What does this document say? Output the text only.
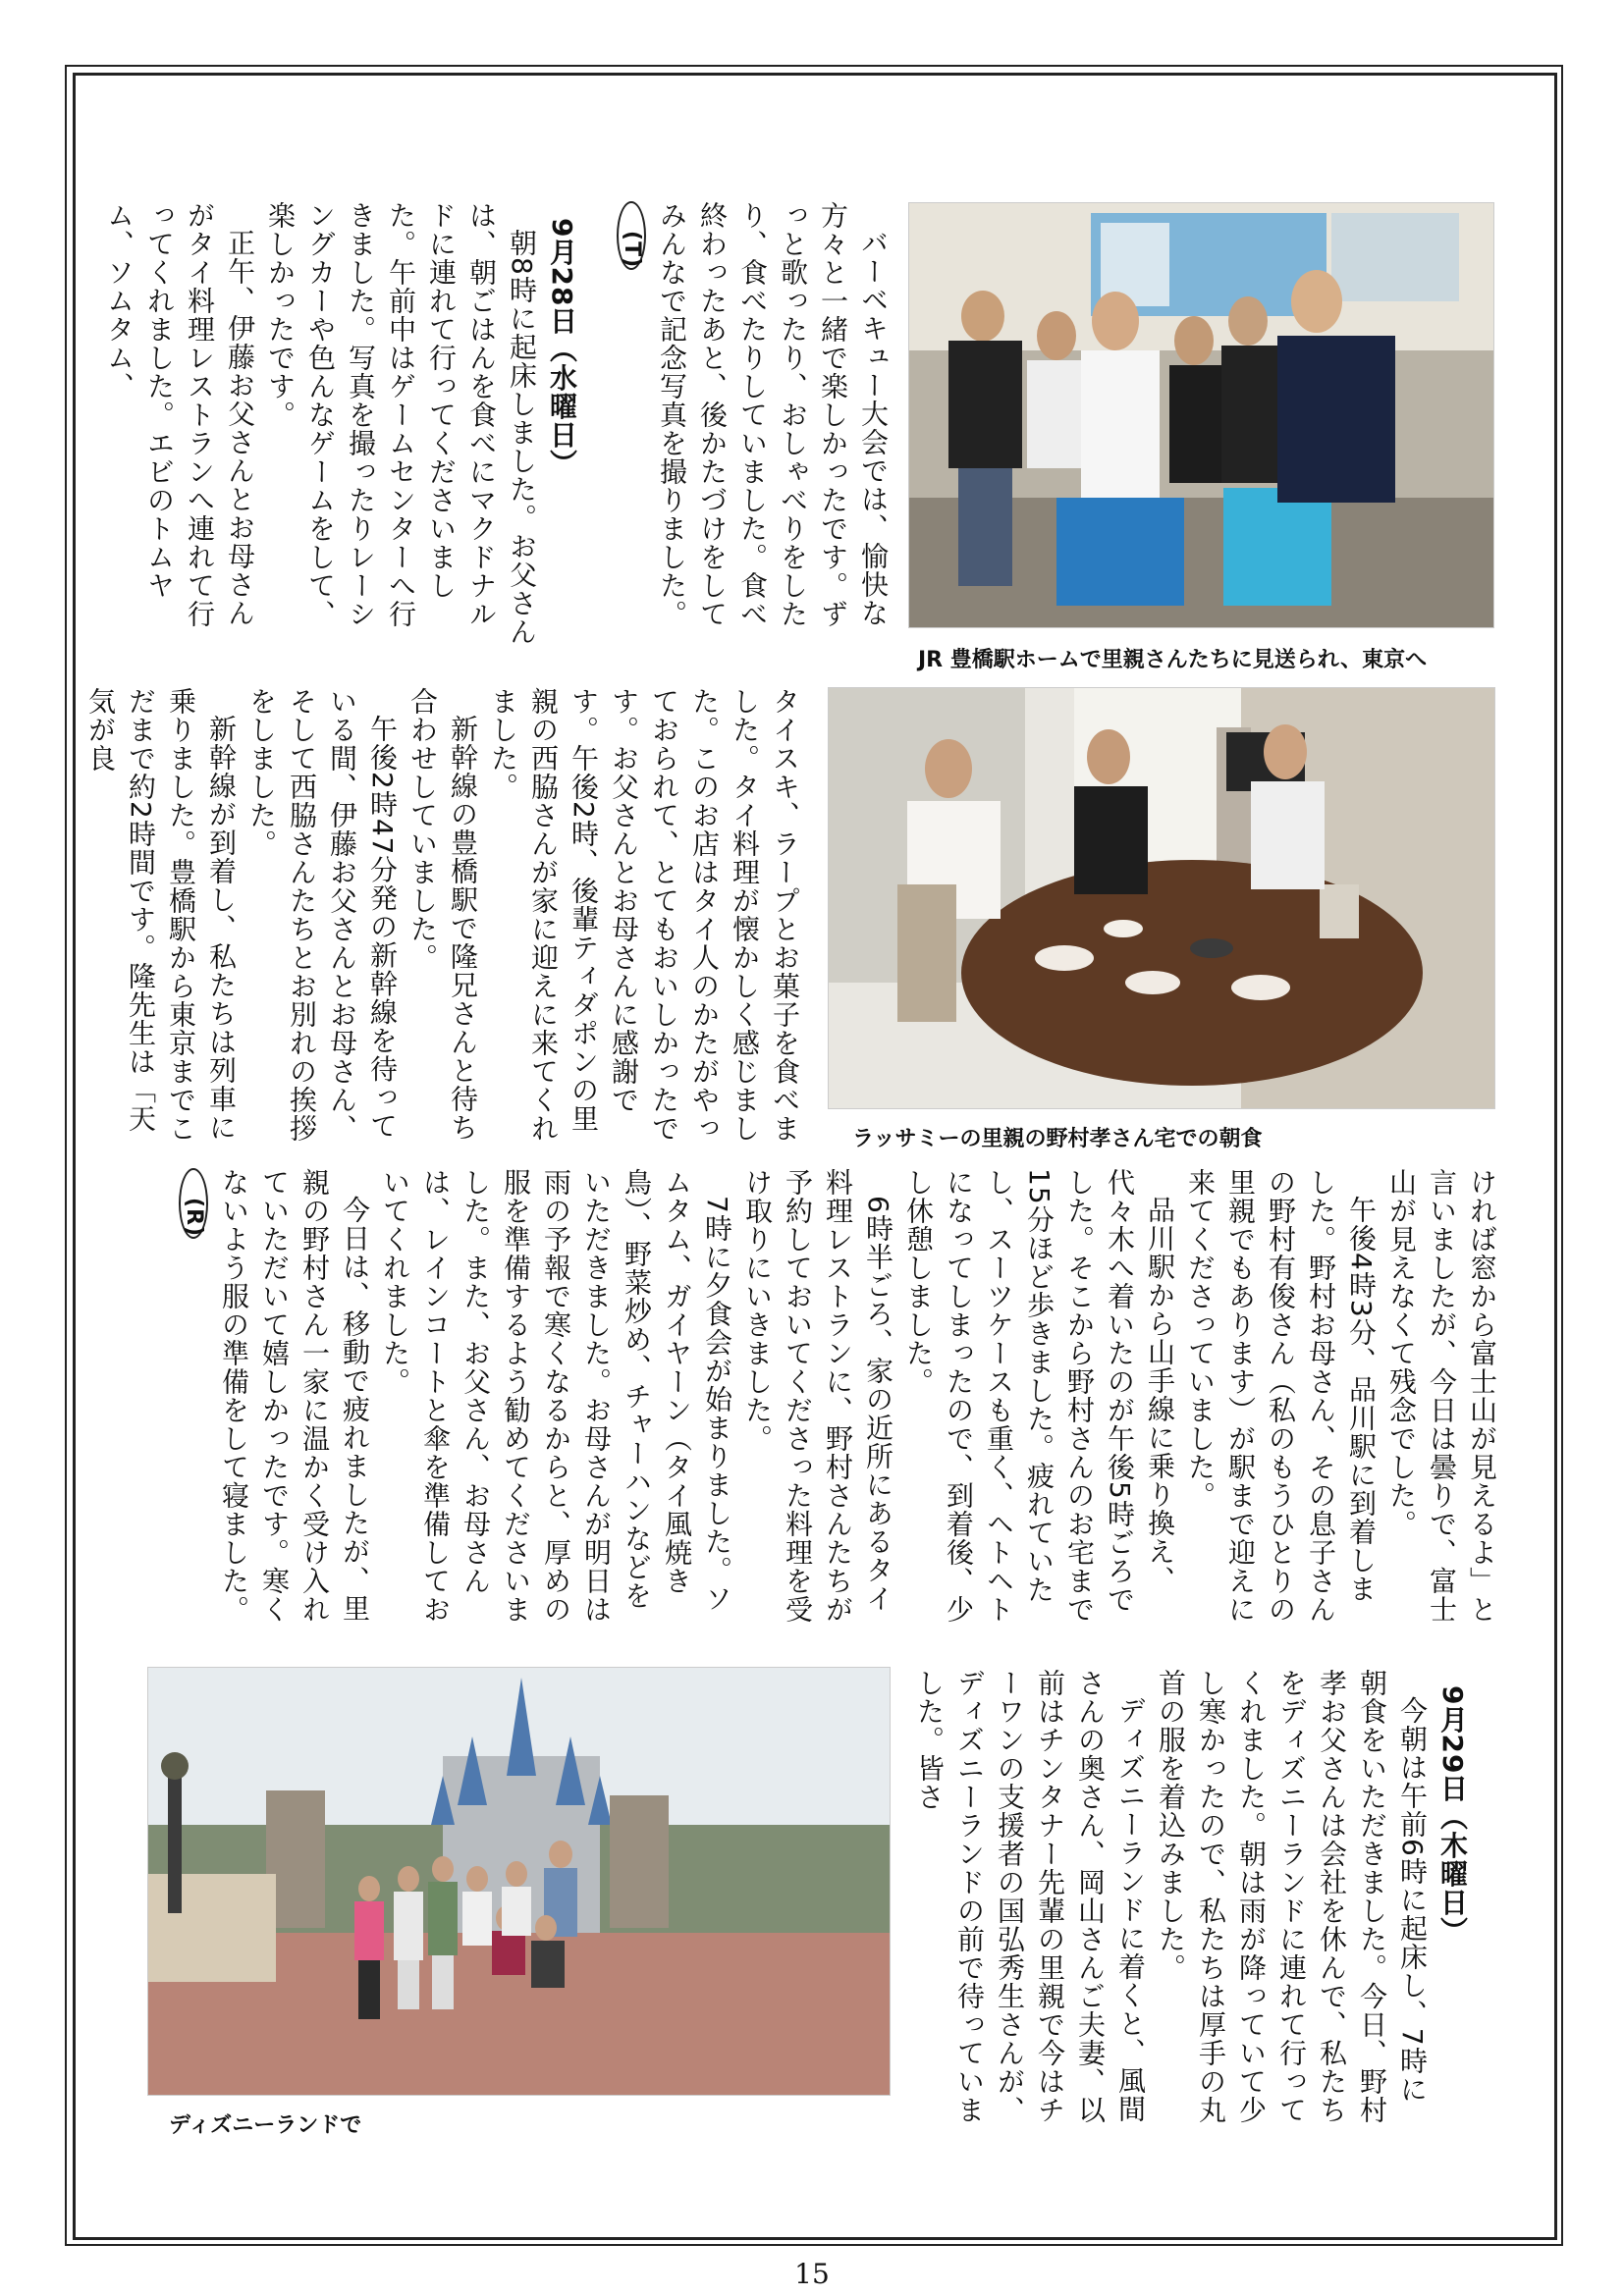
バーベキュー大会では、愉快な方々と一緒で楽しかったです。ずっと歌ったり、おしゃべりをしたり、食べたりしていました。食べ終わったあと、後かたづけをしてみんなで記念写真を撮りました。(T)

9月28日（水曜日）

朝8時に起床しました。お父さんは、朝ごはんを食べにマクドナルドに連れて行ってくださいました。午前中はゲームセンターへ行きました。写真を撮ったりレーシングカーや色んなゲームをして、楽しかったです。

正午、伊藤お父さんとお母さんがタイ料理レストランへ連れて行ってくれました。エビのトムヤム、ソムタム、

JR 豊橋駅ホームで里親さんたちに見送られ、東京へ

タイスキ、ラープとお菓子を食べました。タイ料理が懐かしく感じました。このお店はタイ人のかたがやっておられて、とてもおいしかったです。お父さんとお母さんに感謝です。午後2時、後輩ティダポンの里親の西脇さんが家に迎えに来てくれました。

新幹線の豊橋駅で隆兄さんと待ち合わせしていました。

午後2時47分発の新幹線を待っている間、伊藤お父さんとお母さん、そして西脇さんたちとお別れの挨拶をしました。

新幹線が到着し、私たちは列車に乗りました。豊橋駅から東京までこだまで約2時間です。隆先生は「天気が良

ラッサミーの里親の野村孝さん宅での朝食

ければ窓から富士山が見えるよ」と言いましたが、今日は曇りで、富士山が見えなくて残念でした。

午後4時3分、品川駅に到着しました。野村お母さん、その息子さんの野村有俊さん（私のもうひとりの里親でもあります）が駅まで迎えに来てくださっていました。

品川駅から山手線に乗り換え、代々木へ着いたのが午後5時ごろでした。そこから野村さんのお宅まで15分ほど歩きました。疲れていたし、スーツケースも重く、ヘトヘトになってしまったので、到着後、少し休憩しました。

6時半ごろ、家の近所にあるタイ料理レストランに、野村さんたちが予約しておいてくださった料理を受け取りにいきました。

7時に夕食会が始まりました。ソムタム、ガイヤーン（タイ風焼き鳥）、野菜炒め、チャーハンなどをいただきました。お母さんが明日は雨の予報で寒くなるからと、厚めの服を準備するよう勧めてくださいました。また、お父さん、お母さんは、レインコートと傘を準備しておいてくれました。

今日は、移動で疲れましたが、里親の野村さん一家に温かく受け入れていただいて嬉しかったです。寒くないよう服の準備をして寝ました。(R)

9月29日（木曜日）

今朝は午前6時に起床し、7時に朝食をいただきました。今日、野村孝お父さんは会社を休んで、私たちをディズニーランドに連れて行ってくれました。朝は雨が降っていて少し寒かったので、私たちは厚手の丸首の服を着込みました。

ディズニーランドに着くと、風間さんの奥さん、岡山さんご夫妻、以前はチンタナー先輩の里親で今はチーワンの支援者の国弘秀生さんが、ディズニーランドの前で待っていました。皆さ

ディズニーランドで
15
